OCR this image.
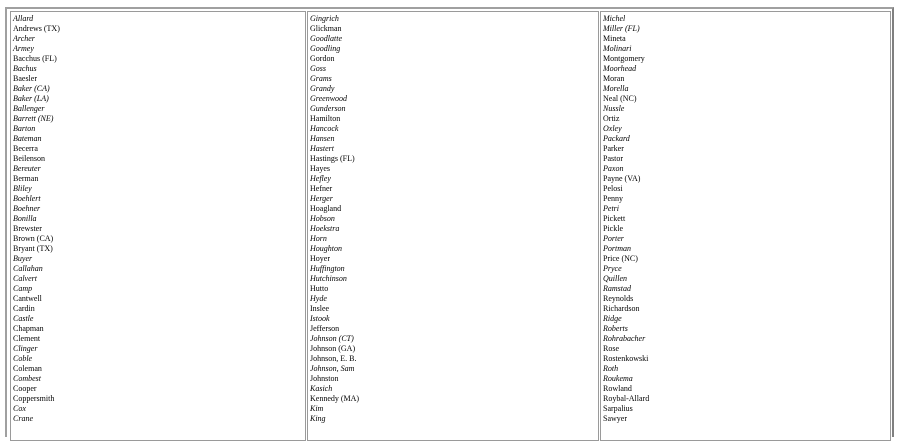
Allard
Andrews (TX)
Archer
Armey
Bacchus (FL)
Bachus
Baesler
Baker (CA)
Baker (LA)
Ballenger
Barrett (NE)
Barton
Bateman
Becerra
Beilenson
Bereuter
Berman
Bliley
Boehlert
Boehner
Bonilla
Brewster
Brown (CA)
Bryant (TX)
Buyer
Callahan
Calvert
Camp
Cantwell
Cardin
Castle
Chapman
Clement
Clinger
Coble
Coleman
Combest
Cooper
Coppersmith
Cox
Crane
Gingrich
Glickman
Goodlatte
Goodling
Gordon
Goss
Grams
Grandy
Greenwood
Gunderson
Hamilton
Hancock
Hansen
Hastert
Hastings (FL)
Hayes
Hefley
Hefner
Herger
Hoagland
Hobson
Hoekstra
Horn
Houghton
Hoyer
Huffington
Hutchinson
Hutto
Hyde
Inslee
Istook
Jefferson
Johnson (CT)
Johnson (GA)
Johnson, E. B.
Johnson, Sam
Johnston
Kasich
Kennedy (MA)
Kim
King
Michel
Miller (FL)
Mineta
Molinari
Montgomery
Moorhead
Moran
Morella
Neal (NC)
Nussle
Ortiz
Oxley
Packard
Parker
Pastor
Paxon
Payne (VA)
Pelosi
Penny
Petri
Pickett
Pickle
Porter
Portman
Price (NC)
Pryce
Quillen
Ramstad
Reynolds
Richardson
Ridge
Roberts
Rohrabacher
Rose
Rostenkowski
Roth
Roukema
Rowland
Roybal-Allard
Sarpalius
Sawyer
